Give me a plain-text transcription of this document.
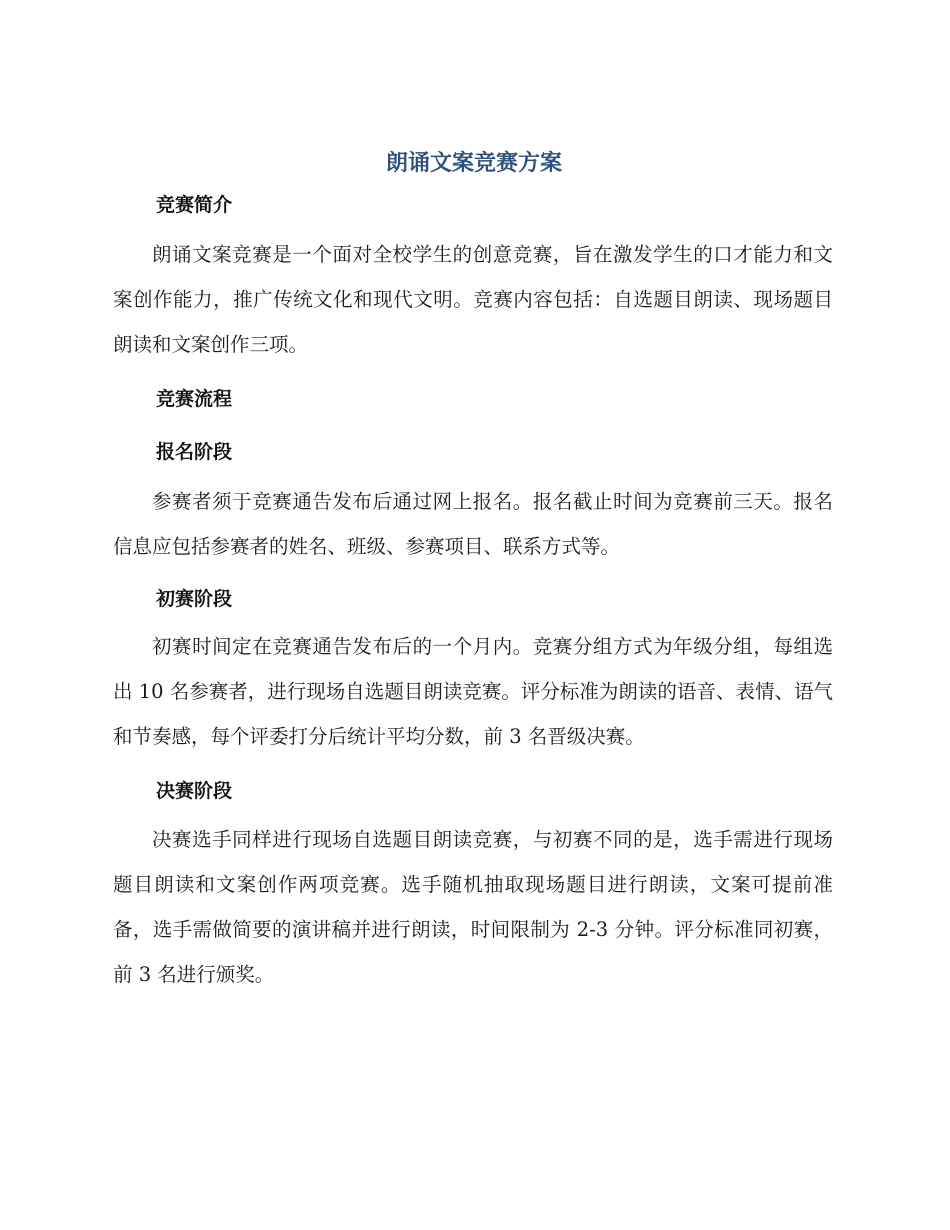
朗诵文案竞赛方案
竞赛简介

朗诵文案竞赛是一个面对全校学生的创意竞赛，旨在激发学生的口才能力和文案创作能力，推广传统文化和现代文明。竞赛内容包括：自选题目朗读、现场题目朗读和文案创作三项。

竞赛流程
报名阶段

参赛者须于竞赛通告发布后通过网上报名。报名截止时间为竞赛前三天。报名信息应包括参赛者的姓名、班级、参赛项目、联系方式等。

初赛阶段

初赛时间定在竞赛通告发布后的一个月内。竞赛分组方式为年级分组，每组选出 10 名参赛者，进行现场自选题目朗读竞赛。评分标准为朗读的语音、表情、语气和节奏感，每个评委打分后统计平均分数，前 3 名晋级决赛。

决赛阶段

决赛选手同样进行现场自选题目朗读竞赛，与初赛不同的是，选手需进行现场题目朗读和文案创作两项竞赛。选手随机抽取现场题目进行朗读，文案可提前准备，选手需做简要的演讲稿并进行朗读，时间限制为 2-3 分钟。评分标准同初赛，前 3 名进行颁奖。
